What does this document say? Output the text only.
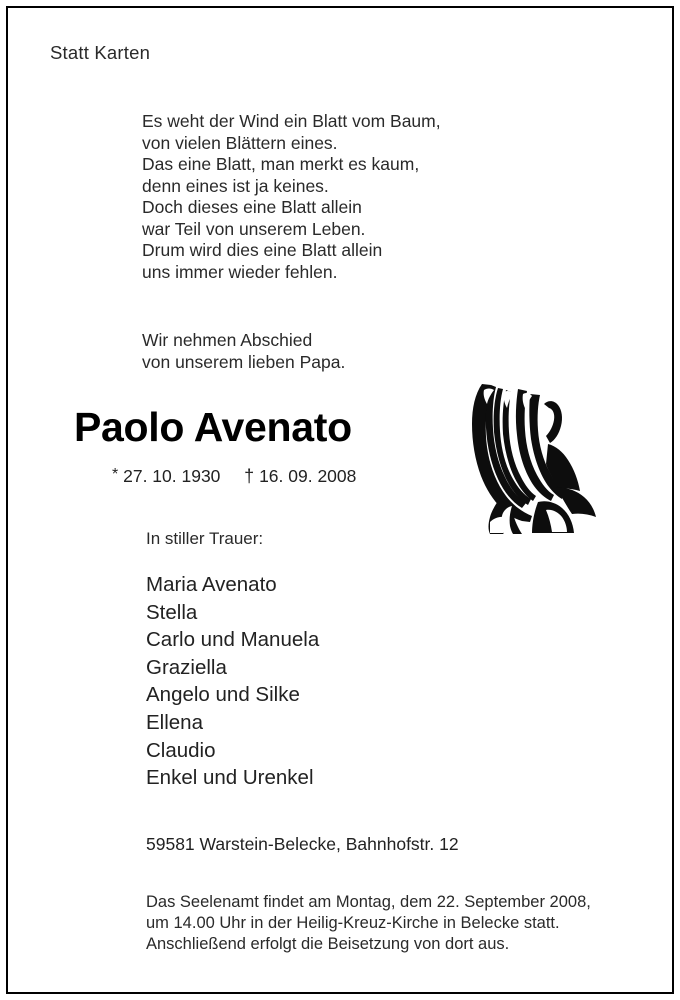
Statt Karten
Es weht der Wind ein Blatt vom Baum,
von vielen Blättern eines.
Das eine Blatt, man merkt es kaum,
denn eines ist ja keines.
Doch dieses eine Blatt allein
war Teil von unserem Leben.
Drum wird dies eine Blatt allein
uns immer wieder fehlen.
Wir nehmen Abschied
von unserem lieben Papa.
Paolo Avenato
* 27. 10. 1930 † 16. 09. 2008
In stiller Trauer:
Maria Avenato
Stella
Carlo und Manuela
Graziella
Angelo und Silke
Ellena
Claudio
Enkel und Urenkel
59581 Warstein-Belecke, Bahnhofstr. 12
Das Seelenamt findet am Montag, dem 22. September 2008,
um 14.00 Uhr in der Heilig-Kreuz-Kirche in Belecke statt.
Anschließend erfolgt die Beisetzung von dort aus.
